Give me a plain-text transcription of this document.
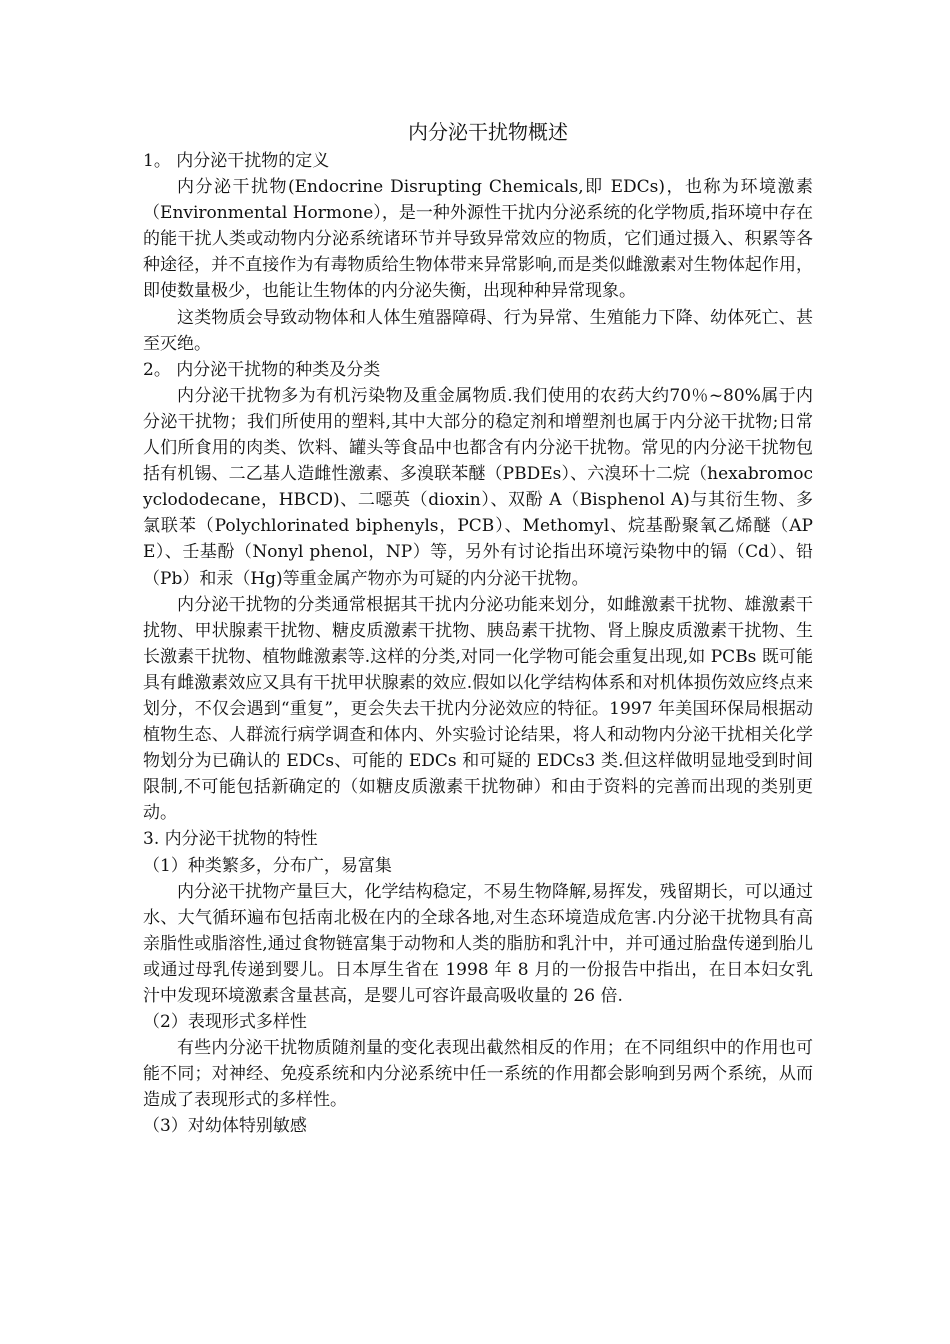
内分泌干扰物概述
1。 内分泌干扰物的定义

内分泌干扰物(Endocrine Disrupting Chemicals,即 EDCs)，也称为环境激素（Environmental Hormone），是一种外源性干扰内分泌系统的化学物质,指环境中存在的能干扰人类或动物内分泌系统诸环节并导致异常效应的物质，它们通过摄入、积累等各种途径，并不直接作为有毒物质给生物体带来异常影响,而是类似雌激素对生物体起作用，即使数量极少，也能让生物体的内分泌失衡，出现种种异常现象。

这类物质会导致动物体和人体生殖器障碍、行为异常、生殖能力下降、幼体死亡、甚至灭绝。

2。 内分泌干扰物的种类及分类

内分泌干扰物多为有机污染物及重金属物质.我们使用的农药大约70％~80%属于内分泌干扰物；我们所使用的塑料,其中大部分的稳定剂和增塑剂也属于内分泌干扰物;日常人们所食用的肉类、饮料、罐头等食品中也都含有内分泌干扰物。常见的内分泌干扰物包括有机锡、二乙基人造雌性激素、多溴联苯醚（PBDEs）、六溴环十二烷（hexabromocyclododecane，HBCD)、二噁英（dioxin）、双酚 A（Bisphenol A)与其衍生物、多氯联苯（Polychlorinated biphenyls，PCB）、Methomyl、烷基酚聚氧乙烯醚（APE）、壬基酚（Nonyl phenol，NP）等，另外有讨论指出环境污染物中的镉（Cd）、铅（Pb）和汞（Hg)等重金属产物亦为可疑的内分泌干扰物。

内分泌干扰物的分类通常根据其干扰内分泌功能来划分，如雌激素干扰物、雄激素干扰物、甲状腺素干扰物、糖皮质激素干扰物、胰岛素干扰物、肾上腺皮质激素干扰物、生长激素干扰物、植物雌激素等.这样的分类,对同一化学物可能会重复出现,如 PCBs 既可能具有雌激素效应又具有干扰甲状腺素的效应.假如以化学结构体系和对机体损伤效应终点来划分，不仅会遇到“重复”，更会失去干扰内分泌效应的特征。1997 年美国环保局根据动植物生态、人群流行病学调查和体内、外实验讨论结果，将人和动物内分泌干扰相关化学物划分为已确认的 EDCs、可能的 EDCs 和可疑的 EDCs3 类.但这样做明显地受到时间限制,不可能包括新确定的（如糖皮质激素干扰物砷）和由于资料的完善而出现的类别更动。

3. 内分泌干扰物的特性
（1）种类繁多，分布广，易富集

内分泌干扰物产量巨大，化学结构稳定，不易生物降解,易挥发，残留期长，可以通过水、大气循环遍布包括南北极在内的全球各地,对生态环境造成危害.内分泌干扰物具有高亲脂性或脂溶性,通过食物链富集于动物和人类的脂肪和乳汁中，并可通过胎盘传递到胎儿或通过母乳传递到婴儿。日本厚生省在 1998 年 8 月的一份报告中指出，在日本妇女乳汁中发现环境激素含量甚高，是婴儿可容许最高吸收量的 26 倍.

（2）表现形式多样性

有些内分泌干扰物质随剂量的变化表现出截然相反的作用；在不同组织中的作用也可能不同；对神经、免疫系统和内分泌系统中任一系统的作用都会影响到另两个系统，从而造成了表现形式的多样性。

（3）对幼体特别敏感
